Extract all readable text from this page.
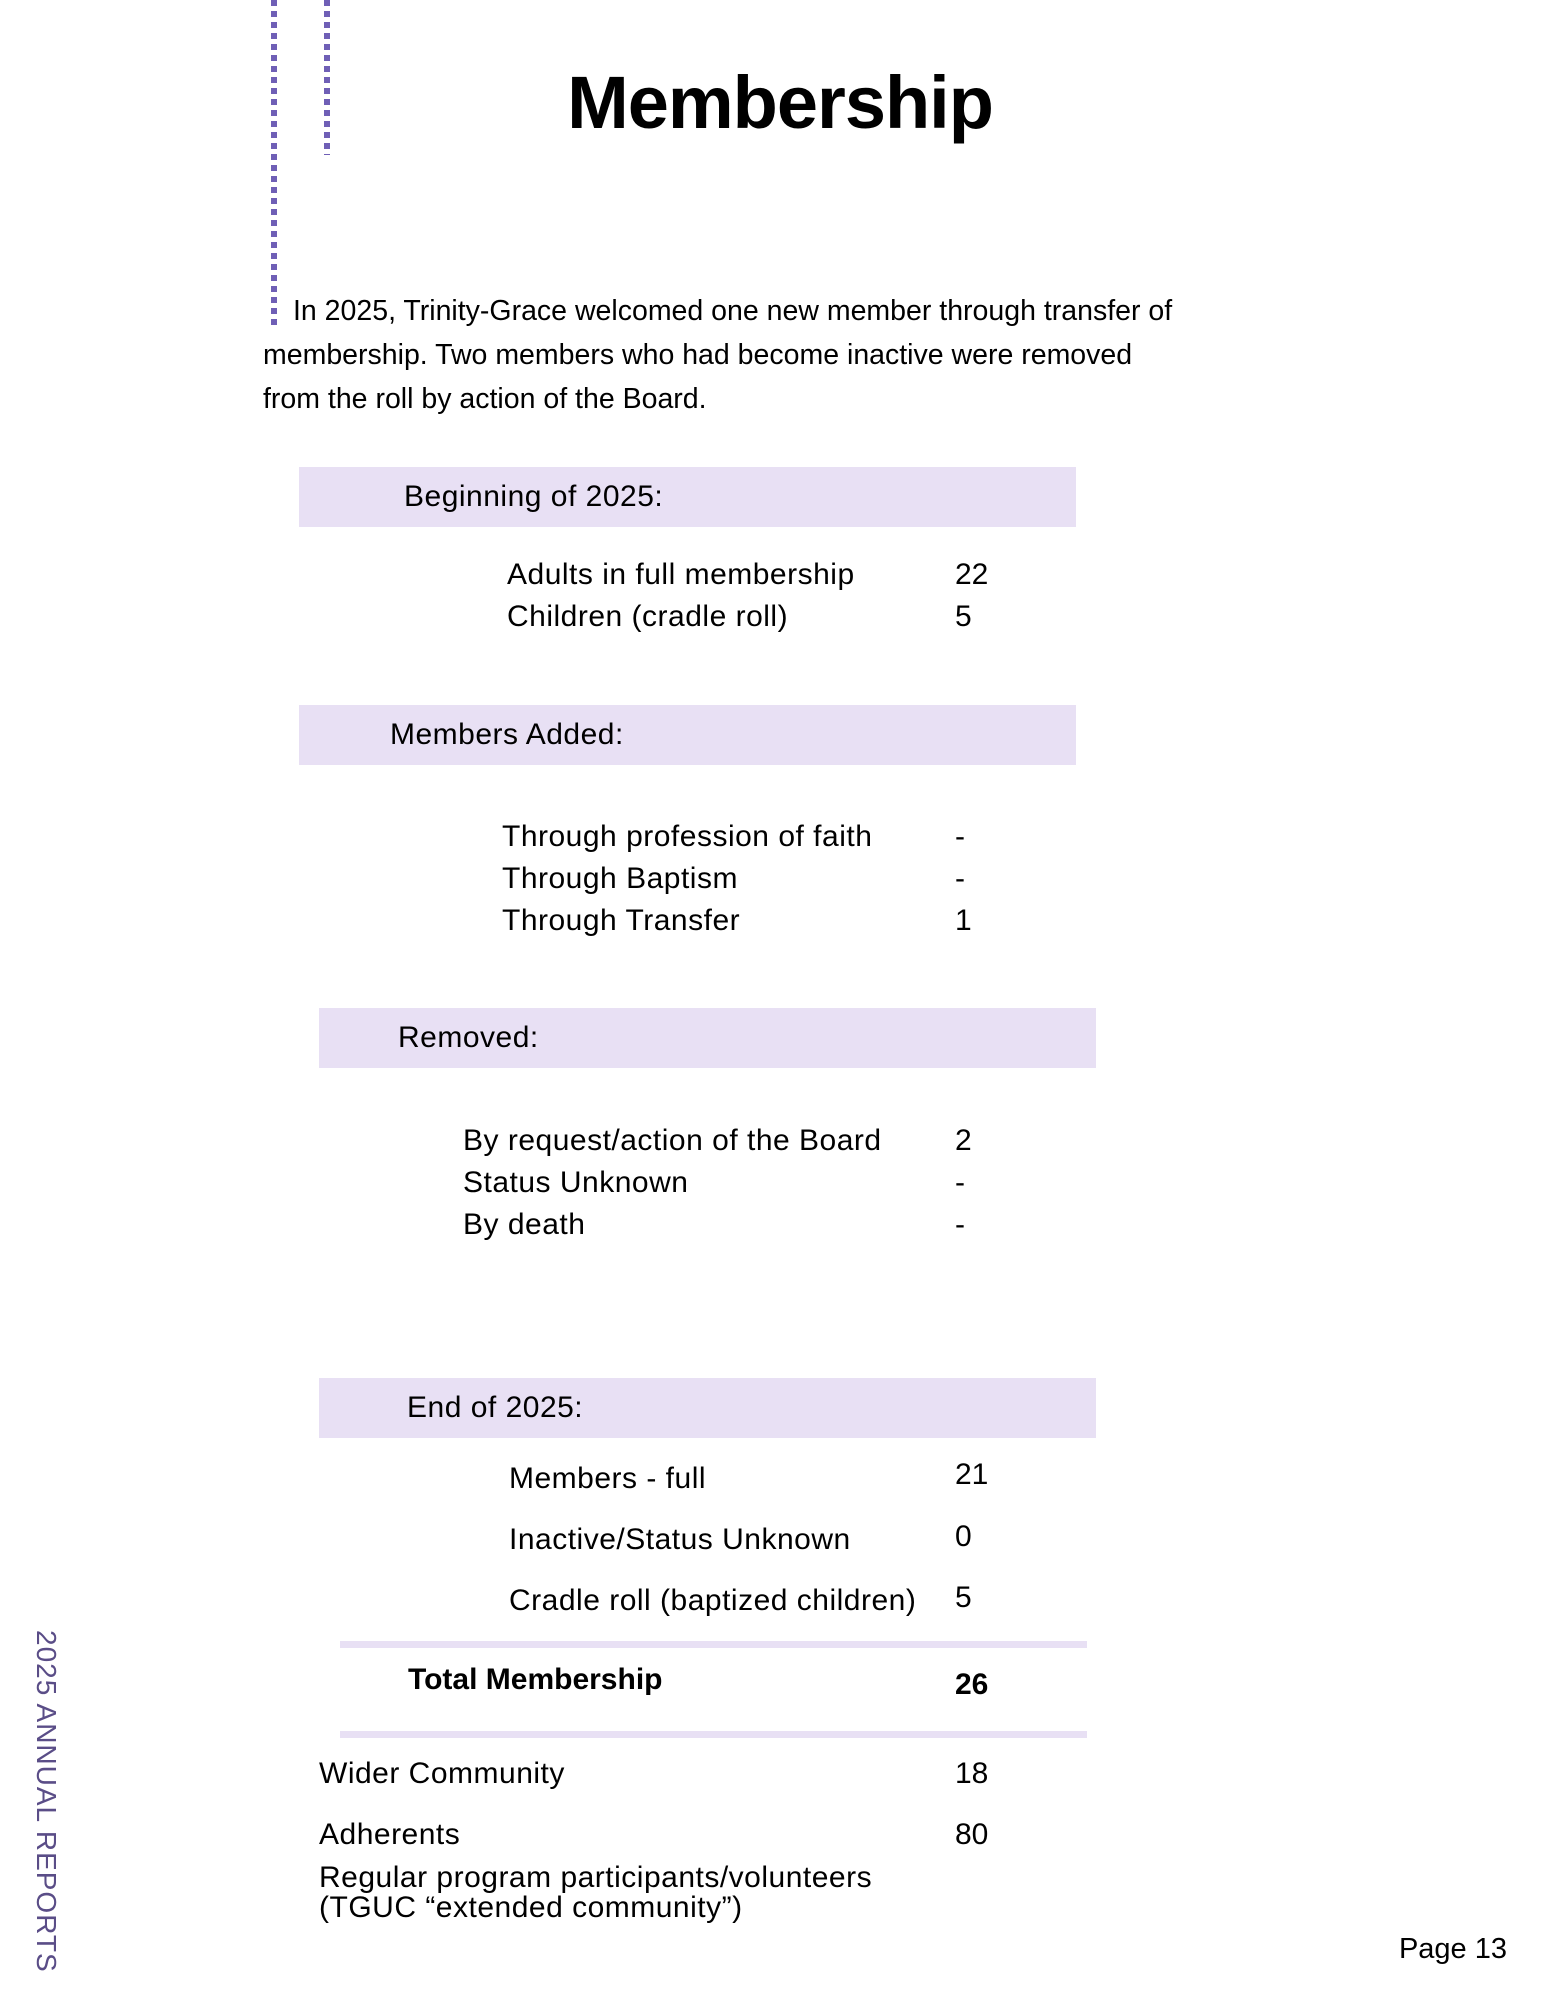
Membership
In 2025, Trinity-Grace welcomed one new member through transfer of
membership. Two members who had become inactive were removed
from the roll by action of the Board.
Beginning of 2025:
Adults in full membership	22
Children (cradle roll)	5
Members Added:
Through profession of faith	-
Through Baptism	-
Through Transfer	1
Removed:
By request/action of the Board 2
Status Unknown	-
By death	-
End of 2025:
Members - full	21
Inactive/Status Unknown	0
Cradle roll (baptized children) 5
Total Membership	26
Wider Community	18
Adherents	80
Regular program participants/volunteers
(TGUC “extended community”)
2025 ANNUAL REPORTS	Page 13
